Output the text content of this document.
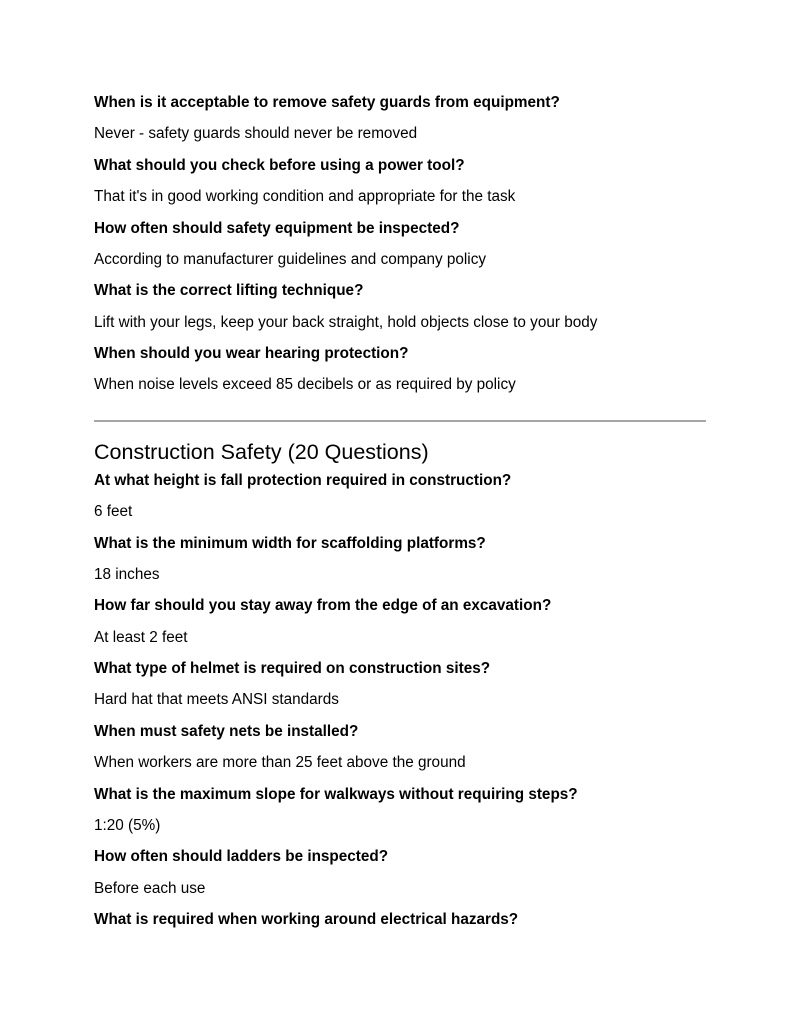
When is it acceptable to remove safety guards from equipment?
Never - safety guards should never be removed
What should you check before using a power tool?
That it's in good working condition and appropriate for the task
How often should safety equipment be inspected?
According to manufacturer guidelines and company policy
What is the correct lifting technique?
Lift with your legs, keep your back straight, hold objects close to your body
When should you wear hearing protection?
When noise levels exceed 85 decibels or as required by policy
Construction Safety (20 Questions)
At what height is fall protection required in construction?
6 feet
What is the minimum width for scaffolding platforms?
18 inches
How far should you stay away from the edge of an excavation?
At least 2 feet
What type of helmet is required on construction sites?
Hard hat that meets ANSI standards
When must safety nets be installed?
When workers are more than 25 feet above the ground
What is the maximum slope for walkways without requiring steps?
1:20 (5%)
How often should ladders be inspected?
Before each use
What is required when working around electrical hazards?
